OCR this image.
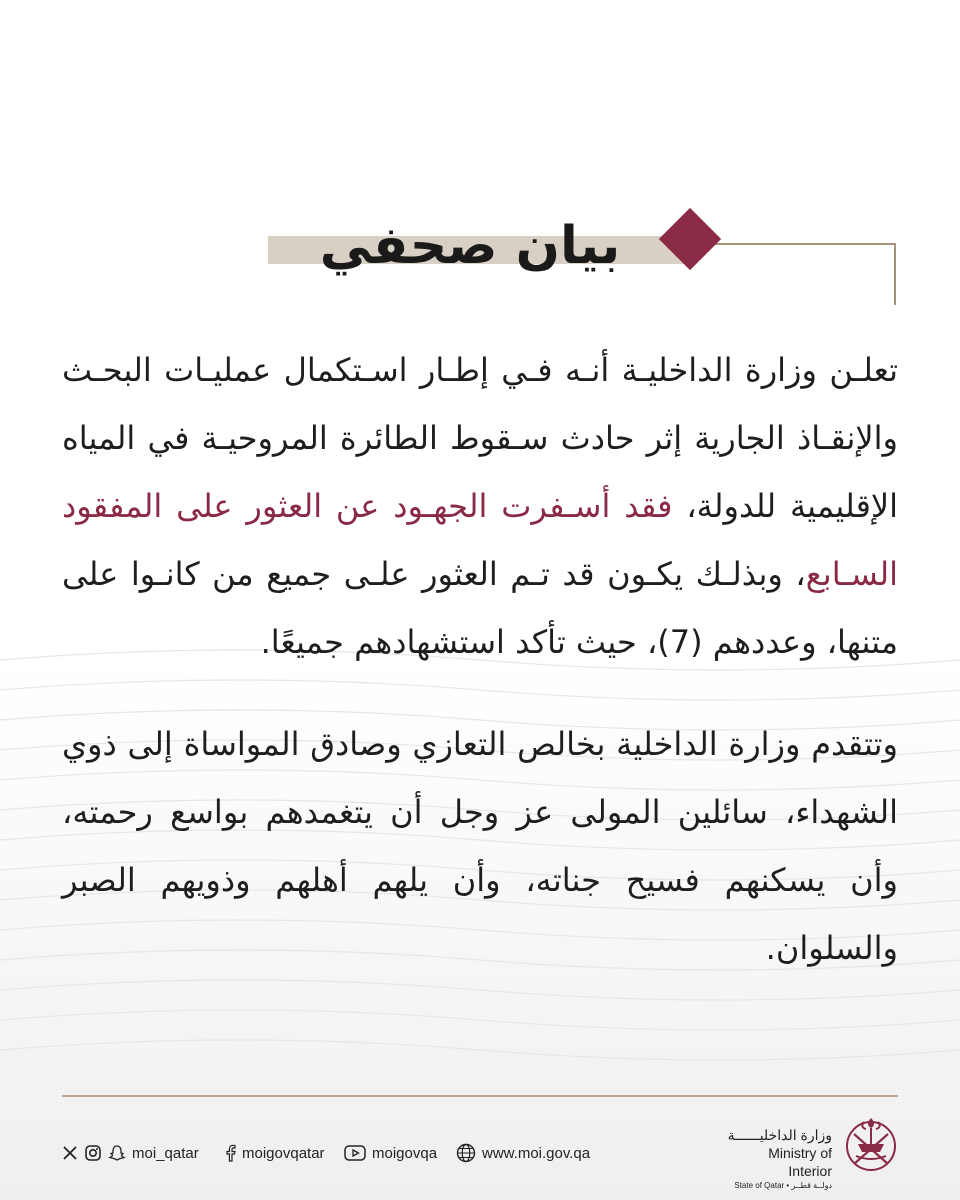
بيان صحفي
تعلـن وزارة الداخليـة أنـه فـي إطـار اسـتكمال عمليـات البحـث والإنقـاذ الجارية إثر حادث سـقوط الطائرة المروحيـة في المياه الإقليمية للدولة، فقد أسـفرت الجهـود عن العثور على المفقود السـابع، وبذلـك يكـون قد تـم العثور علـى جميع من كانـوا على متنها، وعددهم (7)، حيث تأكد استشهادهم جميعًا.
وتتقدم وزارة الداخلية بخالص التعازي وصادق المواساة إلى ذوي الشهداء، سائلين المولى عز وجل أن يتغمدهم بواسع رحمته، وأن يسكنهم فسيح جناته، وأن يلهم أهلهم وذويهم الصبر والسلوان.
moi_qatar	moigovqatar	moigovqa	www.moi.gov.qa
وزارة الداخليــــــة
Ministry of Interior
State of Qatar • دولــة قطــر
